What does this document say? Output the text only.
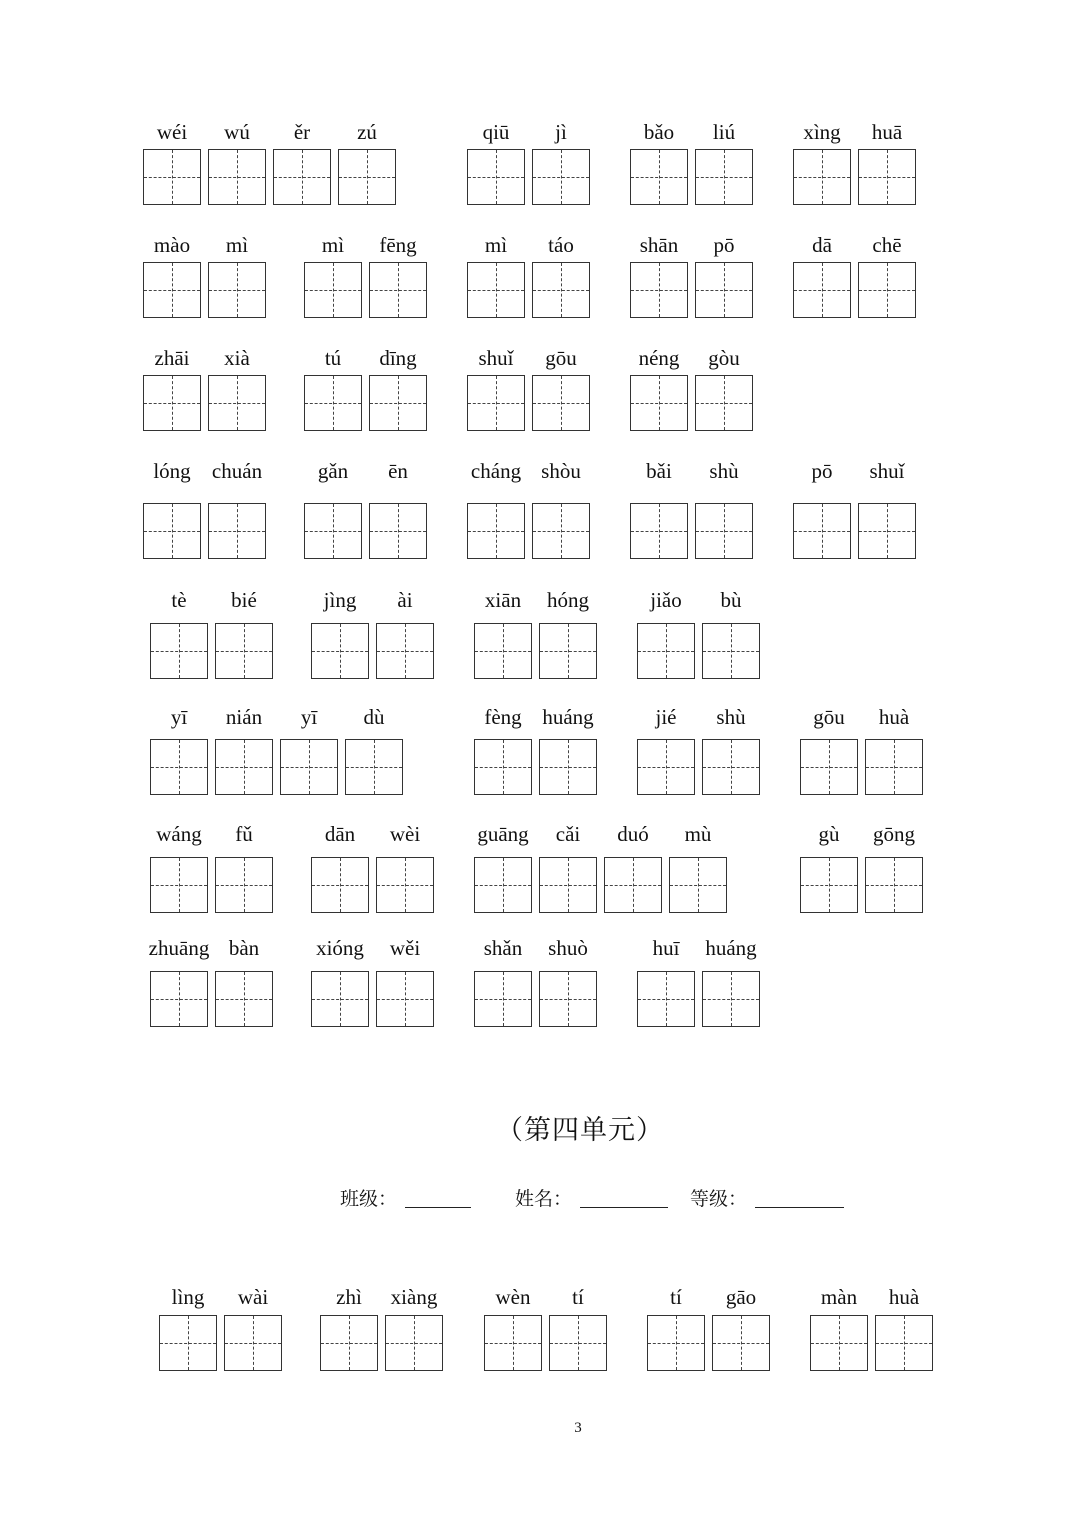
wéi wú ěr zú	qiū jì	bǎo liú	xìng huā
mào mì	mì fēng	mì táo	shān pō	dā chē
zhāi xià	tú dīng	shuǐ gōu	néng gòu
lóng chuán	gǎn ēn	cháng shòu	bǎi shù	pō shuǐ
tè bié	jìng ài	xiān hóng	jiǎo bù
yī nián yī dù	fèng huáng	jié shù	gōu huà
wáng fǔ	dān wèi	guāng cǎi duó mù	gù gōng
zhuāng bàn	xióng wěi	shǎn shuò	huī huáng
lìng wài	zhì xiàng	wèn tí	tí gāo	màn huà
（第四单元）
班级：	姓名：	等级：
3
